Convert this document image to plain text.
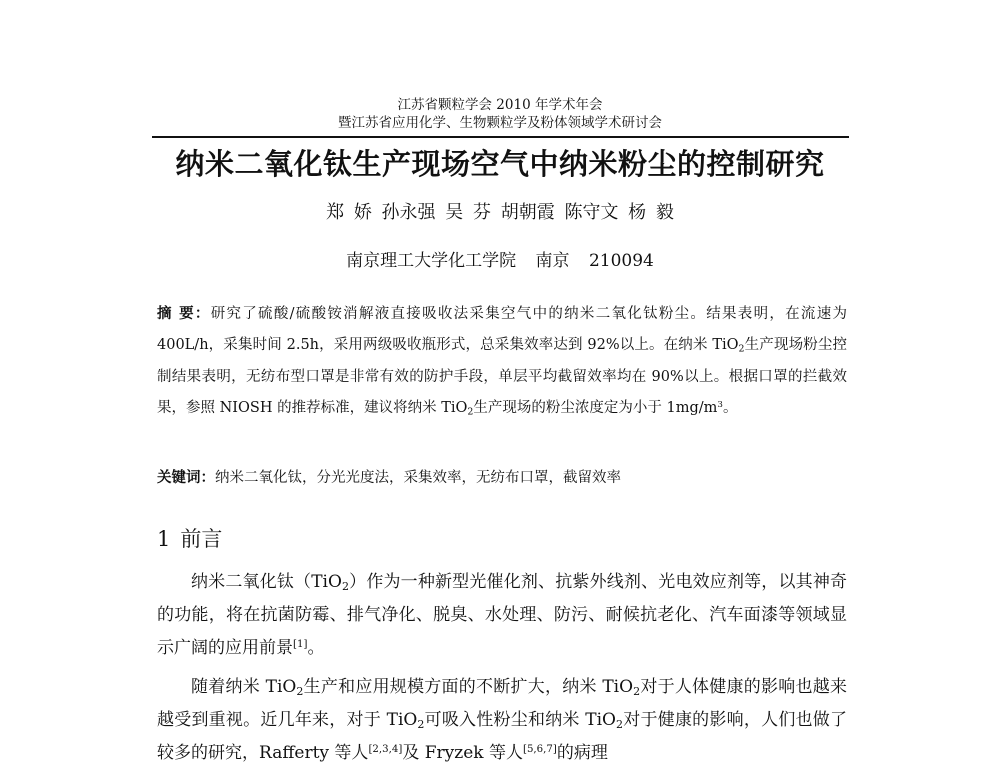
江苏省颗粒学会 2010 年学术年会
暨江苏省应用化学、生物颗粒学及粉体领域学术研讨会
纳米二氧化钛生产现场空气中纳米粉尘的控制研究
郑 娇 孙永强 吴 芬 胡朝霞 陈守文 杨 毅
南京理工大学化工学院 南京 210094
摘 要：研究了硫酸/硫酸铵消解液直接吸收法采集空气中的纳米二氧化钛粉尘。结果表明，在流速为 400L/h，采集时间 2.5h，采用两级吸收瓶形式，总采集效率达到 92%以上。在纳米 TiO$_2$生产现场粉尘控制结果表明，无纺布型口罩是非常有效的防护手段，单层平均截留效率均在 90%以上。根据口罩的拦截效果，参照 NIOSH 的推荐标准，建议将纳米 TiO$_2$生产现场的粉尘浓度定为小于 $1mg/m^3$。
关键词：纳米二氧化钛，分光光度法，采集效率，无纺布口罩，截留效率
1 前言

纳米二氧化钛（TiO$_2$）作为一种新型光催化剂、抗紫外线剂、光电效应剂等，以其神奇的功能，将在抗菌防霉、排气净化、脱臭、水处理、防污、耐候抗老化、汽车面漆等领域显示广阔的应用前景[1]。

随着纳米 TiO$_2$生产和应用规模方面的不断扩大，纳米 TiO$_2$对于人体健康的影响也越来越受到重视。近几年来，对于 TiO$_2$可吸入性粉尘和纳米 TiO$_2$对于健康的影响，人们也做了较多的研究，Rafferty 等人[2,3,4]及 Fryzek 等人[5,6,7]的病理
